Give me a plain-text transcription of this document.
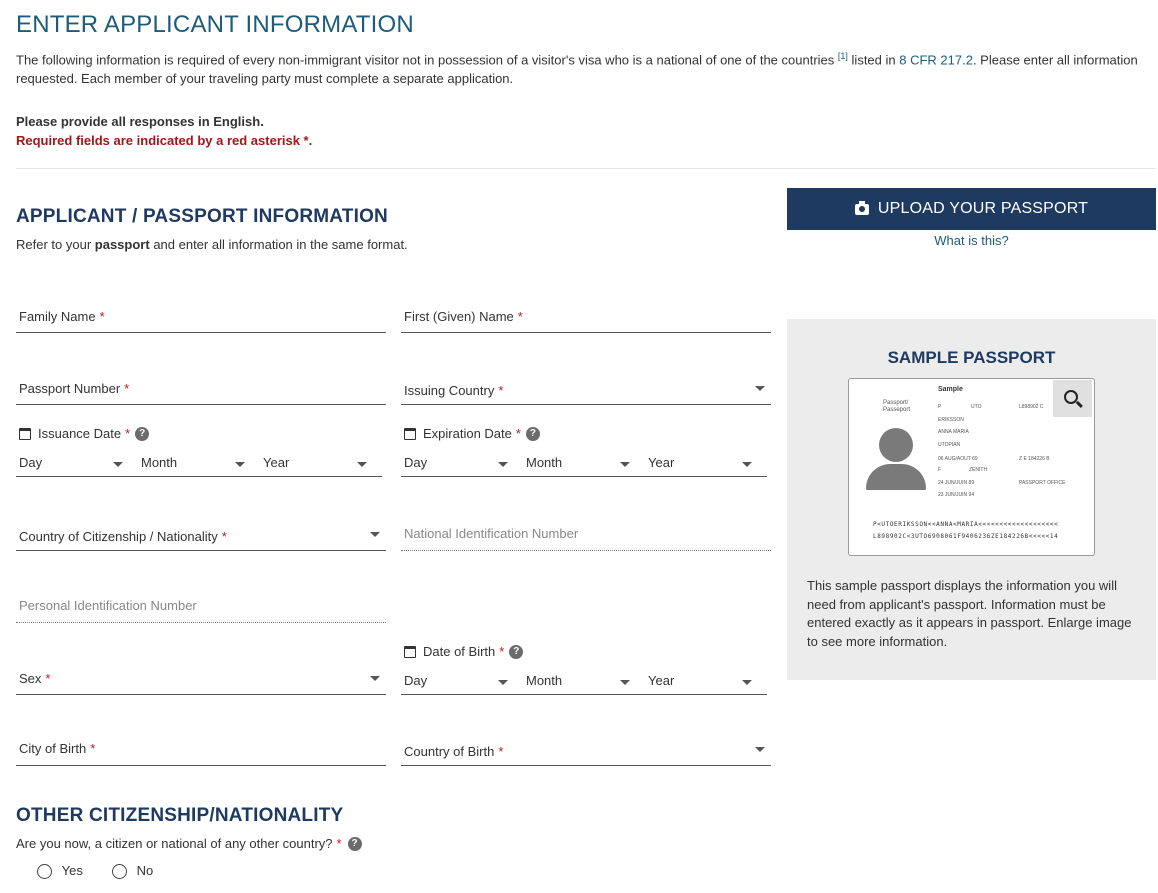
ENTER APPLICANT INFORMATION
The following information is required of every non-immigrant visitor not in possession of a visitor's visa who is a national of one of the countries [1] listed in 8 CFR 217.2. Please enter all information requested. Each member of your traveling party must complete a separate application.
Please provide all responses in English.
Required fields are indicated by a red asterisk *.
APPLICANT / PASSPORT INFORMATION
Refer to your passport and enter all information in the same format.
Family Name *	First (Given) Name *
Passport Number *	Issuing Country *
Issuance Date * ?
Day	Month	Year
Expiration Date * ?
Day	Month	Year
Country of Citizenship / Nationality *	National Identification Number
Personal Identification Number
Sex *
Date of Birth * ?
Day	Month	Year
City of Birth *	Country of Birth *
UPLOAD YOUR PASSPORT
What is this?
SAMPLE PASSPORT
Sample
Passport/
Passeport	P	UTO	L898902 C
ERIKSSON
ANNA MARIA
UTOPIAN
06 AUG/AOUT 69	Z E 184226 B
F	ZENITH
24 JUN/JUIN 89	PASSPORT OFFICE
23 JUN/JUIN 94
P<UTOERIKSSON<<ANNA<MARIA<<<<<<<<<<<<<<<<<<<
L898902C<3UTO6908061F9406236ZE184226B<<<<<14
This sample passport displays the information you will need from applicant's passport. Information must be entered exactly as it appears in passport. Enlarge image to see more information.
OTHER CITIZENSHIP/NATIONALITY
Are you now, a citizen or national of any other country? * ?
Yes	No
